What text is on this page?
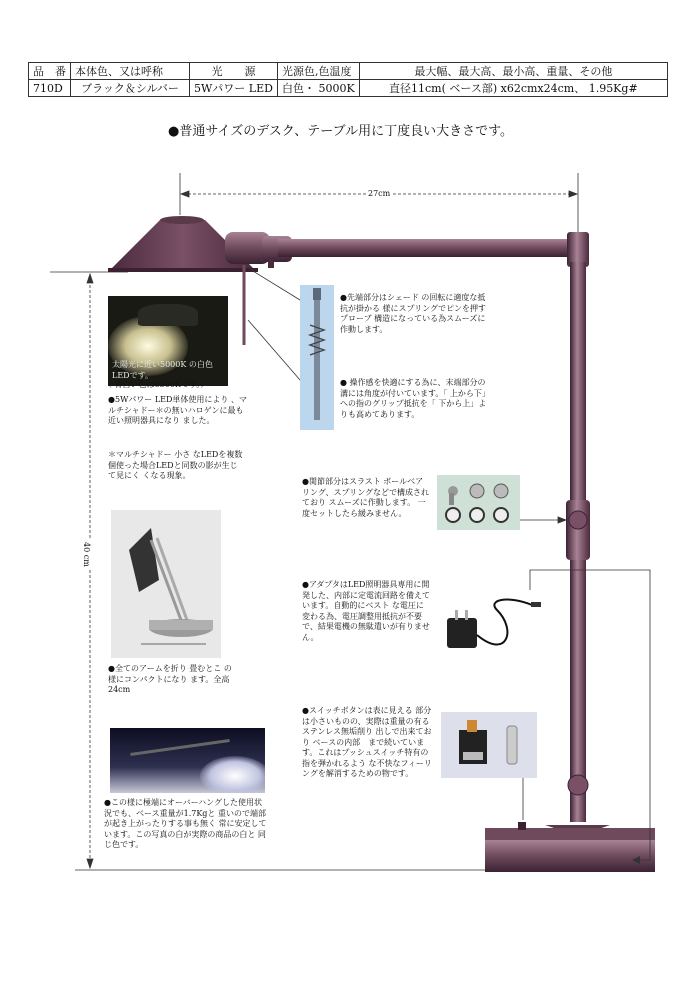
品　番	本体色、又は呼称	光　　源	光源色,色温度	最大幅、最大高、最小高、重量、その他
710D	ブラック＆シルバー	5Wパワー LED	白色・ 5000K	直径11cm( ベース部) x62cmx24cm、 1.95Kg#
●普通サイズのデスク、テーブル用に丁度良い大きさです。
太陽光に近い5000K の白色LEDです。
（ 青白い色は6500Kです。）
27cm
40 cm
●先端部分はシェード の回転に適度な抵抗が掛かる 様にスプリングでピンを押すプローブ 構造になっている為スムーズに作動します。
● 操作感を快適にする為に、末端部分の溝には角度が付いています。「 上から下」への指のグリップ抵抗を「 下から上」よりも高めてあります。
●5Wパワー LED単体使用により 、マルチシャドー＊の無いハロゲンに最も 近い照明器具になり ました。
＊マルチシャドー 小さ なLEDを複数個使った場合LEDと同数の影が生じ て見にく くなる現象。
●関節部分はスラスト ボールベアリング、スプリングなどで構成されており スムーズに作動します。 一度セットしたら緩みません。
●アダプタはLED照明器具専用に開発した、内部に定電流回路を備えています。自動的にベスト な電圧に変わる為、電圧調整用抵抗が不要で、結果電機の無駄遣いが有りません。
●全てのアームを折り 畳むとこ の様にコンパクトになり ます。全高24cm
●スイッチボタンは表に見える 部分は小さいものの、実際は重量の有るステンレス無垢削り 出しで出来ており ベースの内部　まで続いています。これはプッシュスイッチ特有の指を弾かれるよう な不快なフィーリングを解消するための物です。
●この様に極端にオーバーハングした使用状況でも、ベース重量が1.7Kgと 重いので端部が起き上がったりする事も無く 常に安定しています。この写真の白が実際の商品の白と 同じ色です。
